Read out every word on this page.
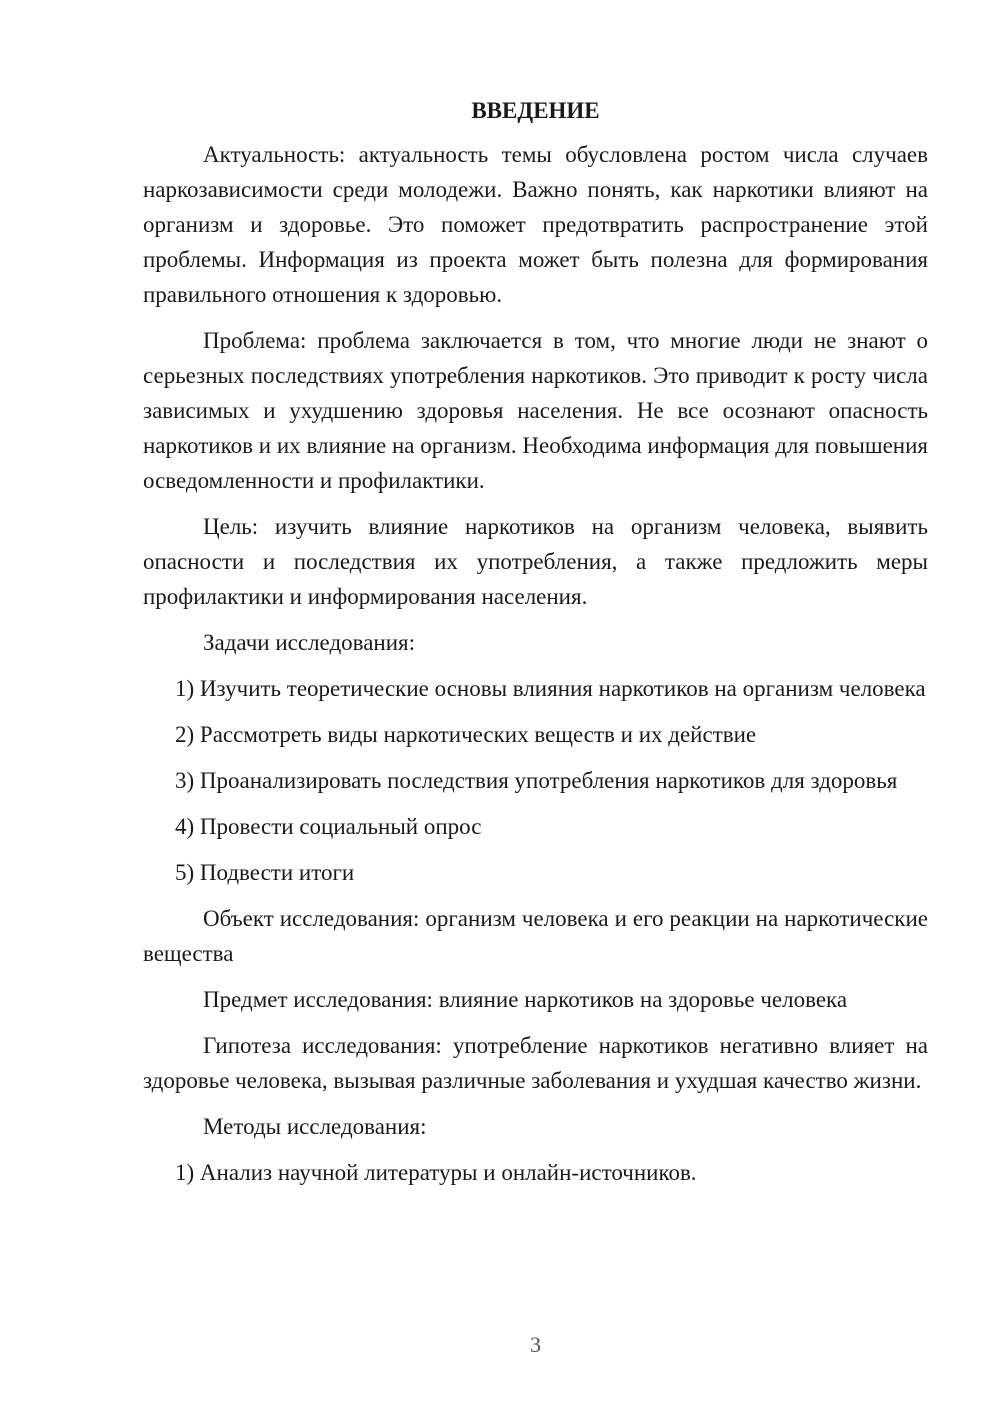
ВВЕДЕНИЕ

Актуальность: актуальность темы обусловлена ростом числа случаев наркозависимости среди молодежи. Важно понять, как наркотики влияют на организм и здоровье. Это поможет предотвратить распространение этой проблемы. Информация из проекта может быть полезна для формирования правильного отношения к здоровью.

Проблема: проблема заключается в том, что многие люди не знают о серьезных последствиях употребления наркотиков. Это приводит к росту числа зависимых и ухудшению здоровья населения. Не все осознают опасность наркотиков и их влияние на организм. Необходима информация для повышения осведомленности и профилактики.

Цель: изучить влияние наркотиков на организм человека, выявить опасности и последствия их употребления, а также предложить меры профилактики и информирования населения.

Задачи исследования:

1) Изучить теоретические основы влияния наркотиков на организм человека

2) Рассмотреть виды наркотических веществ и их действие

3) Проанализировать последствия употребления наркотиков для здоровья

4) Провести социальный опрос

5) Подвести итоги

Объект исследования: организм человека и его реакции на наркотические вещества

Предмет исследования: влияние наркотиков на здоровье человека

Гипотеза исследования: употребление наркотиков негативно влияет на здоровье человека, вызывая различные заболевания и ухудшая качество жизни.

Методы исследования:

1) Анализ научной литературы и онлайн-источников.

3
